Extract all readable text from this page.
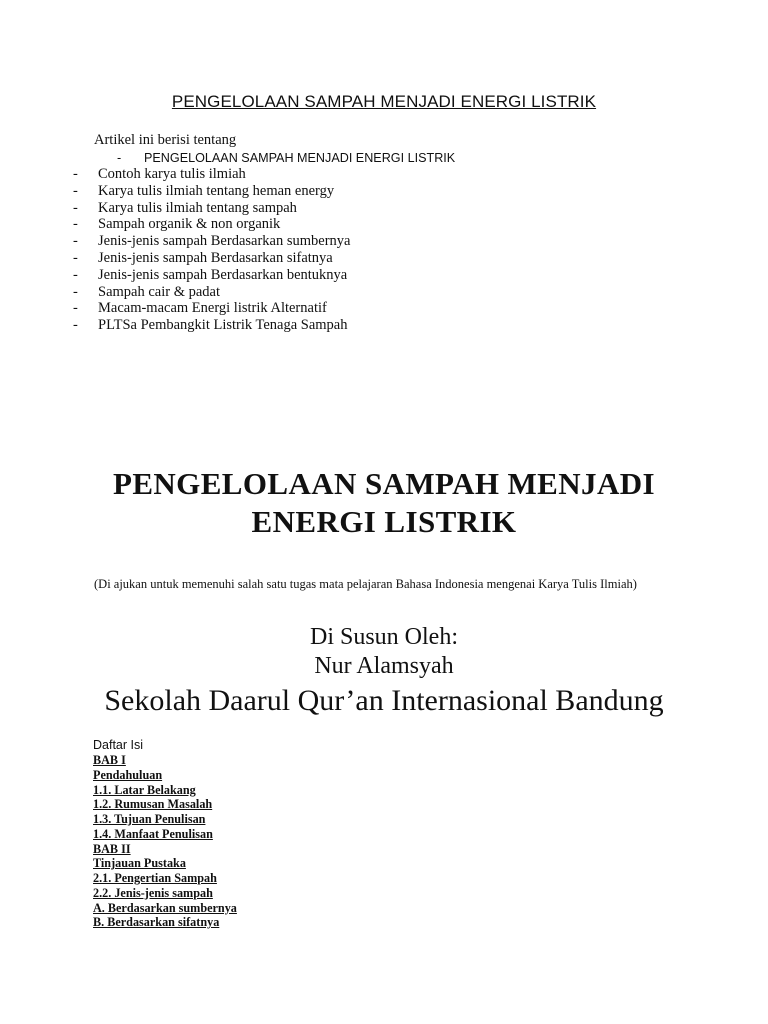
PENGELOLAAN SAMPAH MENJADI ENERGI LISTRIK
Artikel ini berisi tentang
- PENGELOLAAN SAMPAH MENJADI ENERGI LISTRIK
- Contoh karya tulis ilmiah
- Karya tulis ilmiah tentang heman energy
- Karya tulis ilmiah tentang sampah
- Sampah organik & non organik
- Jenis-jenis sampah Berdasarkan sumbernya
- Jenis-jenis sampah Berdasarkan sifatnya
- Jenis-jenis sampah Berdasarkan bentuknya
- Sampah cair & padat
- Macam-macam Energi listrik Alternatif
- PLTSa Pembangkit Listrik Tenaga Sampah
PENGELOLAAN SAMPAH MENJADI
ENERGI LISTRIK
(Di ajukan untuk memenuhi salah satu tugas mata pelajaran Bahasa Indonesia mengenai Karya Tulis Ilmiah)
Di Susun Oleh:
Nur Alamsyah
Sekolah Daarul Qur’an Internasional Bandung
Daftar Isi
BAB I
Pendahuluan
1.1. Latar Belakang
1.2. Rumusan Masalah
1.3. Tujuan Penulisan
1.4. Manfaat Penulisan
BAB II
Tinjauan Pustaka
2.1. Pengertian Sampah
2.2. Jenis-jenis sampah
A. Berdasarkan sumbernya
B. Berdasarkan sifatnya
